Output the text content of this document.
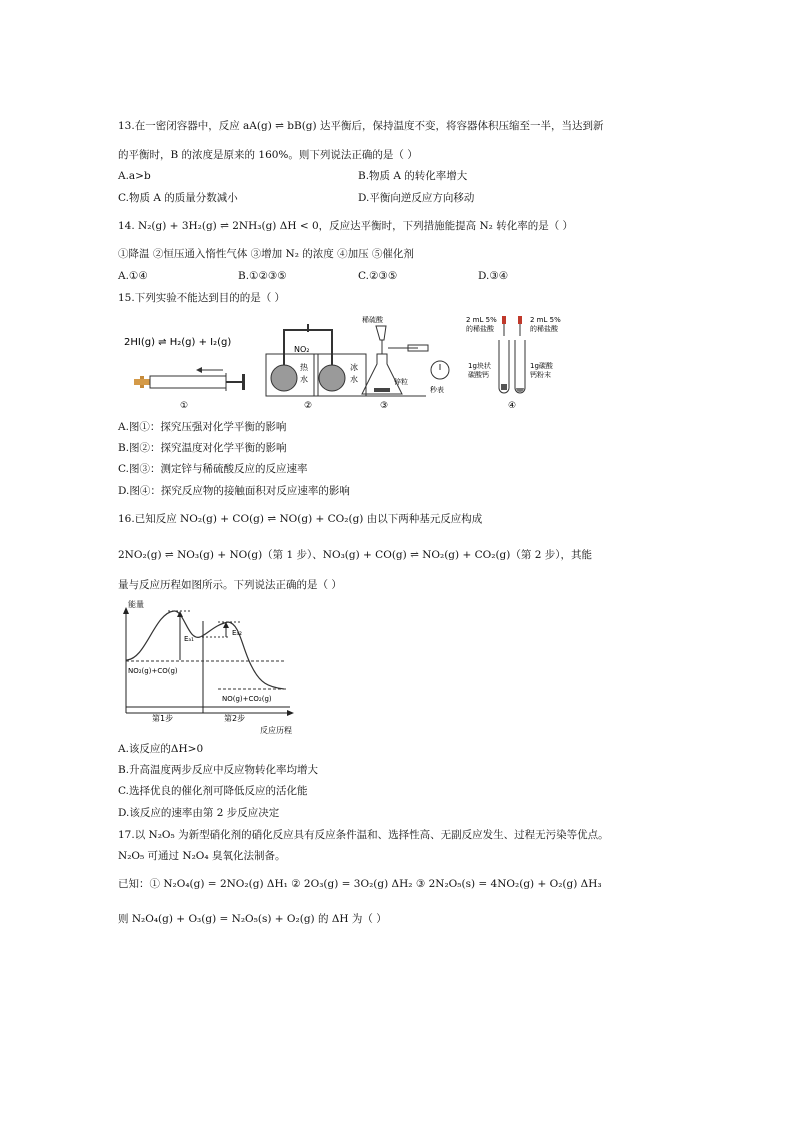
13.在一密闭容器中，反应 aA(g) ⇌ bB(g) 达平衡后，保持温度不变，将容器体积压缩至一半，当达到新
的平衡时，B 的浓度是原来的 160%。则下列说法正确的是（ ）
A.a>b	B.物质 A 的转化率增大
C.物质 A 的质量分数减小	D.平衡向逆反应方向移动
14. N₂(g) + 3H₂(g) ⇌ 2NH₃(g) ΔH < 0，反应达平衡时，下列措施能提高 N₂ 转化率的是（ ）
①降温 ②恒压通入惰性气体 ③增加 N₂ 的浓度 ④加压 ⑤催化剂
A.①④	B.①②③⑤	C.②③⑤	D.③④
15.下列实验不能达到目的的是（ ）
2HI(g) ⇌ H₂(g) + I₂(g)
①
NO₂
热
水
冰
水
②
稀硫酸
锌粒
秒表
③
2 mL 5%
的稀盐酸
2 mL 5%
的稀盐酸
1g块状
碳酸钙
1g碳酸
钙粉末
④
A.图①：探究压强对化学平衡的影响
B.图②：探究温度对化学平衡的影响
C.图③：测定锌与稀硫酸反应的反应速率
D.图④：探究反应物的接触面积对反应速率的影响
16.已知反应 NO₂(g) + CO(g) ⇌ NO(g) + CO₂(g) 由以下两种基元反应构成
2NO₂(g) ⇌ NO₃(g) + NO(g)（第 1 步）、NO₃(g) + CO(g) ⇌ NO₂(g) + CO₂(g)（第 2 步），其能
量与反应历程如图所示。下列说法正确的是（ ）
能量
Eₐ₁
Eₐ₂
NO₂(g)+CO(g)
NO(g)+CO₂(g)
第1步	第2步
反应历程
A.该反应的ΔH>0
B.升高温度两步反应中反应物转化率均增大
C.选择优良的催化剂可降低反应的活化能
D.该反应的速率由第 2 步反应决定
17.以 N₂O₅ 为新型硝化剂的硝化反应具有反应条件温和、选择性高、无副反应发生、过程无污染等优点。
N₂O₅ 可通过 N₂O₄ 臭氧化法制备。
已知：① N₂O₄(g) = 2NO₂(g) ΔH₁ ② 2O₃(g) = 3O₂(g) ΔH₂ ③ 2N₂O₅(s) = 4NO₂(g) + O₂(g) ΔH₃
则 N₂O₄(g) + O₃(g) = N₂O₅(s) + O₂(g) 的 ΔH 为（ ）
